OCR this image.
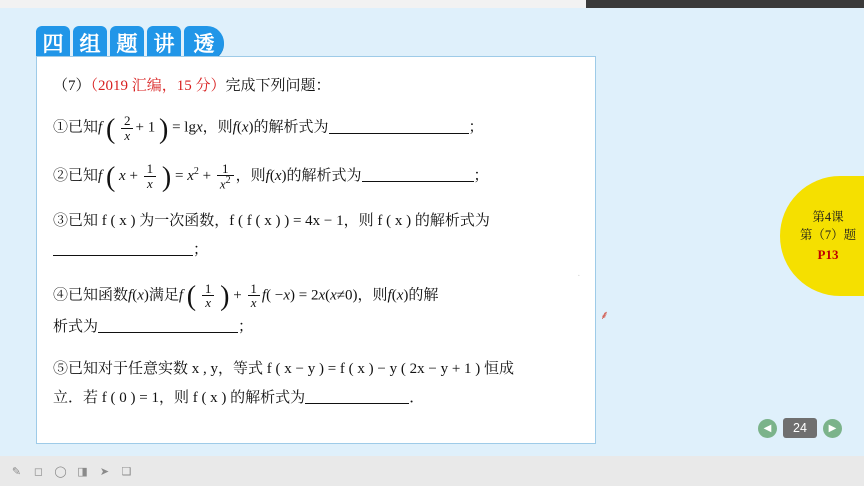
四 组 题 讲 透
（7）（2019 汇编，15 分）完成下列问题：
①已知f ( $\frac{2}{x} + 1$ ) = lgx，则f(x)的解析式为	；
②已知f ( $x + \frac{1}{x}$ ) = $x^2 + \frac{1}{x^2}$ ，则f(x)的解析式为	；
③已知 f ( x ) 为一次函数，f ( f ( x ) ) = 4x − 1，则 f ( x ) 的解析式为
；
④已知函数f(x)满足f ( $\frac{1}{x}$ ) + $\frac{1}{x} f( -x) = 2x(x\ne 0)$，则f(x)的解
析式为	；
⑤已知对于任意实数 x , y，等式 f ( x − y ) = f ( x ) − y ( 2x − y + 1 ) 恒成
立．若 f ( 0 ) = 1，则 f ( x ) 的解析式为	．
⸙
·
第4课
第（7）题
P13
◀	24	▶
✎ ◻ ◯ ◨ ➤ ❑
